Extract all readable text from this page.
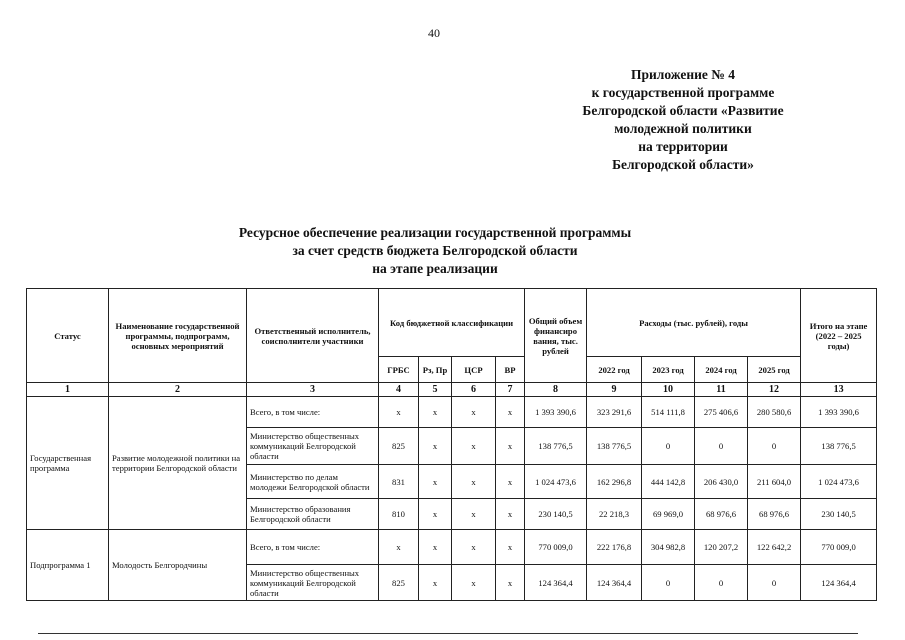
40
Приложение № 4
к государственной программе
Белгородской области «Развитие
молодежной политики
на территории
Белгородской области»
Ресурсное обеспечение реализации государственной программы
за счет средств бюджета Белгородской области
на этапе реализации
Статус	Наименование государственной программы, подпрограмм, основных мероприятий	Ответственный исполнитель, соисполнители участники	Код бюджетной классификации				Общий объем финансиро вания, тыс. рублей	Расходы (тыс. рублей), годы				Итого на этапе (2022 – 2025 годы)
			ГРБС	Рз, Пр	ЦСР	ВР		2022 год	2023 год	2024 год	2025 год	
1	2	3	4	5	6	7	8	9	10	11	12	13
Государственная программа	Развитие молодежной политики на территории Белгородской области	Всего, в том числе:	х	х	х	х	1 393 390,6	323 291,6	514 111,8	275 406,6	280 580,6	1 393 390,6
		Министерство общественных коммуникаций Белгородской области	825	х	х	х	138 776,5	138 776,5	0	0	0	138 776,5
		Министерство по делам молодежи Белгородской области	831	х	х	х	1 024 473,6	162 296,8	444 142,8	206 430,0	211 604,0	1 024 473,6
		Министерство образования Белгородской области	810	х	х	х	230 140,5	22 218,3	69 969,0	68 976,6	68 976,6	230 140,5
Подпрограмма 1	Молодость Белгородчины	Всего, в том числе:	х	х	х	х	770 009,0	222 176,8	304 982,8	120 207,2	122 642,2	770 009,0
		Министерство общественных коммуникаций Белгородской области	825	х	х	х	124 364,4	124 364,4	0	0	0	124 364,4
